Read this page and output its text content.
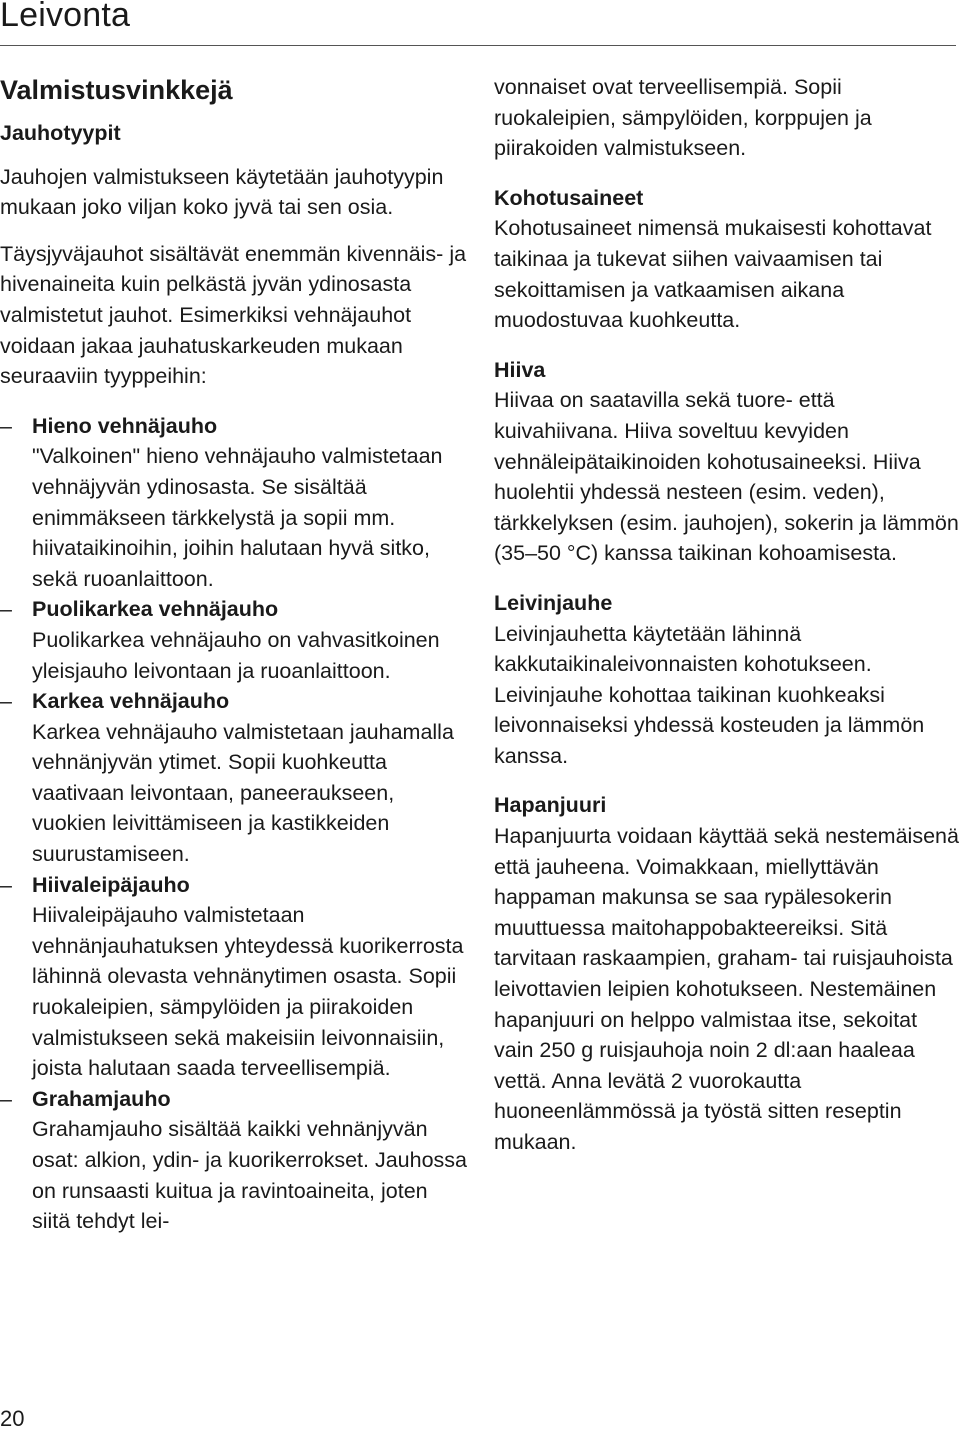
Leivonta
Valmistusvinkkejä

Jauhotyypit

Jauhojen valmistukseen käytetään jauhotyypin mukaan joko viljan koko jyvä tai sen osia.

Täysjyväjauhot sisältävät enemmän kivennäis- ja hivenaineita kuin pelkästä jyvän ydinosasta valmistetut jauhot. Esimerkiksi vehnäjauhot voidaan jakaa jauhatuskarkeuden mukaan seuraaviin tyyppeihin:

– Hieno vehnäjauho
"Valkoinen" hieno vehnäjauho valmistetaan vehnäjyvän ydinosasta. Se sisältää enimmäkseen tärkkelystä ja sopii mm. hiivataikinoihin, joihin halutaan hyvä sitko, sekä ruoanlaittoon.
– Puolikarkea vehnäjauho
Puolikarkea vehnäjauho on vahvasitkoinen yleisjauho leivontaan ja ruoanlaittoon.
– Karkea vehnäjauho
Karkea vehnäjauho valmistetaan jauhamalla vehnänjyvän ytimet. Sopii kuohkeutta vaativaan leivontaan, paneeraukseen, vuokien leivittämiseen ja kastikkeiden suurustamiseen.
– Hiivaleipäjauho
Hiivaleipäjauho valmistetaan vehnänjauhatuksen yhteydessä kuorikerrosta lähinnä olevasta vehnänytimen osasta. Sopii ruokaleipien, sämpylöiden ja piirakoiden valmistukseen sekä makeisiin leivonnaisiin, joista halutaan saada terveellisempiä.
– Grahamjauho
Grahamjauho sisältää kaikki vehnänjyvän osat: alkion, ydin- ja kuorikerrokset. Jauhossa on runsaasti kuitua ja ravintoaineita, joten siitä tehdyt lei-

vonnaiset ovat terveellisempiä. Sopii ruokaleipien, sämpylöiden, korppujen ja piirakoiden valmistukseen.

Kohotusaineet

Kohotusaineet nimensä mukaisesti kohottavat taikinaa ja tukevat siihen vaivaamisen tai sekoittamisen ja vatkaamisen aikana muodostuvaa kuohkeutta.

Hiiva

Hiivaa on saatavilla sekä tuore- että kuivahiivana. Hiiva soveltuu kevyiden vehnäleipätaikinoiden kohotusaineeksi. Hiiva huolehtii yhdessä nesteen (esim. veden), tärkkelyksen (esim. jauhojen), sokerin ja lämmön (35–50 °C) kanssa taikinan kohoamisesta.

Leivinjauhe

Leivinjauhetta käytetään lähinnä kakkutaikinaleivonnaisten kohotukseen. Leivinjauhe kohottaa taikinan kuohkeaksi leivonnaiseksi yhdessä kosteuden ja lämmön kanssa.

Hapanjuuri

Hapanjuurta voidaan käyttää sekä nestemäisenä että jauheena. Voimakkaan, miellyttävän happaman makunsa se saa rypälesokerin muuttuessa maitohappobakteereiksi. Sitä tarvitaan raskaampien, graham- tai ruisjauhoista leivottavien leipien kohotukseen. Nestemäinen hapanjuuri on helppo valmistaa itse, sekoitat vain 250 g ruisjauhoja noin 2 dl:aan haaleaa vettä. Anna levätä 2 vuorokautta huoneenlämmössä ja työstä sitten reseptin mukaan.

20
